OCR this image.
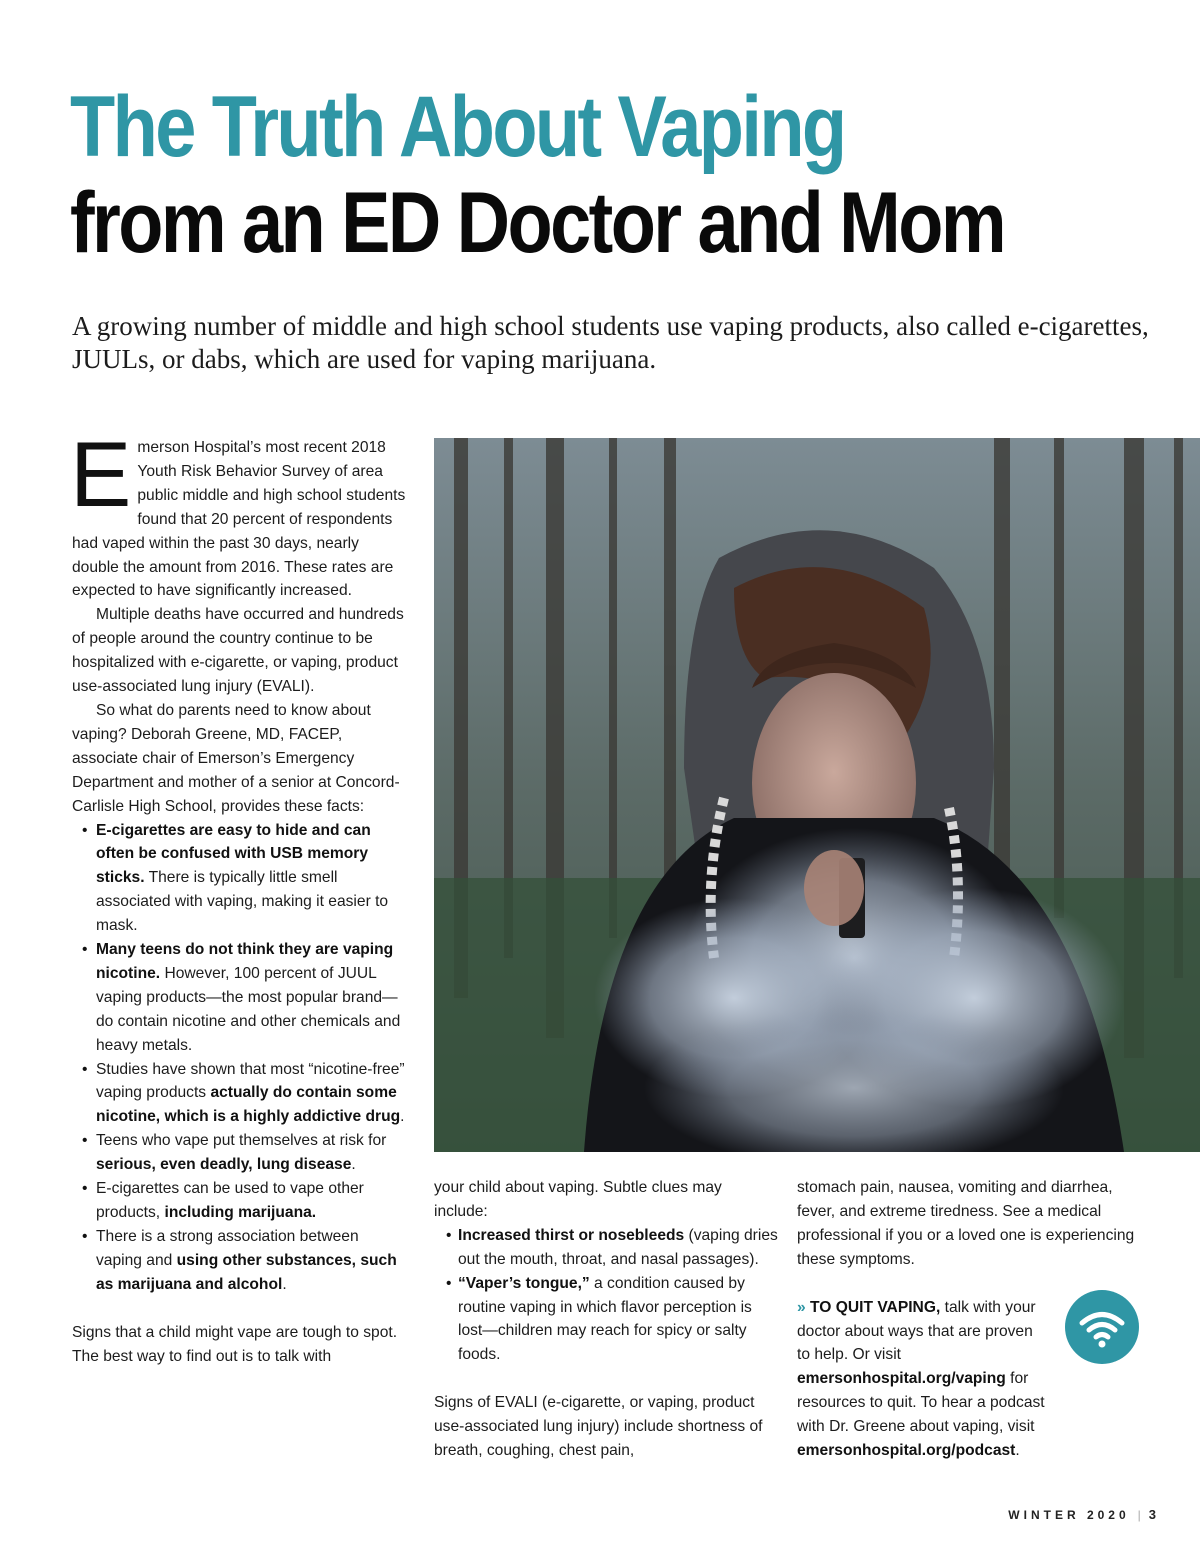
The Truth About Vaping
from an ED Doctor and Mom

A growing number of middle and high school students use vaping products, also called e-cigarettes, JUULs, or dabs, which are used for vaping marijuana.

Emerson Hospital’s most recent 2018 Youth Risk Behavior Survey of area public middle and high school students found that 20 percent of respondents had vaped within the past 30 days, nearly double the amount from 2016. These rates are expected to have significantly increased.

Multiple deaths have occurred and hundreds of people around the country continue to be hospitalized with e-cigarette, or vaping, product use-associated lung injury (EVALI).

So what do parents need to know about vaping? Deborah Greene, MD, FACEP, associate chair of Emerson’s Emergency Department and mother of a senior at Concord-Carlisle High School, provides these facts:

• E-cigarettes are easy to hide and can often be confused with USB memory sticks. There is typically little smell associated with vaping, making it easier to mask.
• Many teens do not think they are vaping nicotine. However, 100 percent of JUUL vaping products—the most popular brand—do contain nicotine and other chemicals and heavy metals.
• Studies have shown that most “nicotine-free” vaping products actually do contain some nicotine, which is a highly addictive drug.
• Teens who vape put themselves at risk for serious, even deadly, lung disease.
• E-cigarettes can be used to vape other products, including marijuana.
• There is a strong association between vaping and using other substances, such as marijuana and alcohol.

Signs that a child might vape are tough to spot. The best way to find out is to talk with

your child about vaping. Subtle clues may include:

• Increased thirst or nosebleeds (vaping dries out the mouth, throat, and nasal passages).
• “Vaper’s tongue,” a condition caused by routine vaping in which flavor perception is lost—children may reach for spicy or salty foods.

Signs of EVALI (e-cigarette, or vaping, product use-associated lung injury) include shortness of breath, coughing, chest pain,

stomach pain, nausea, vomiting and diarrhea, fever, and extreme tiredness. See a medical professional if you or a loved one is experiencing these symptoms.

» TO QUIT VAPING, talk with your doctor about ways that are proven to help. Or visit emersonhospital.org/vaping for resources to quit. To hear a podcast with Dr. Greene about vaping, visit emersonhospital.org/podcast.

WINTER 2020 | 3
